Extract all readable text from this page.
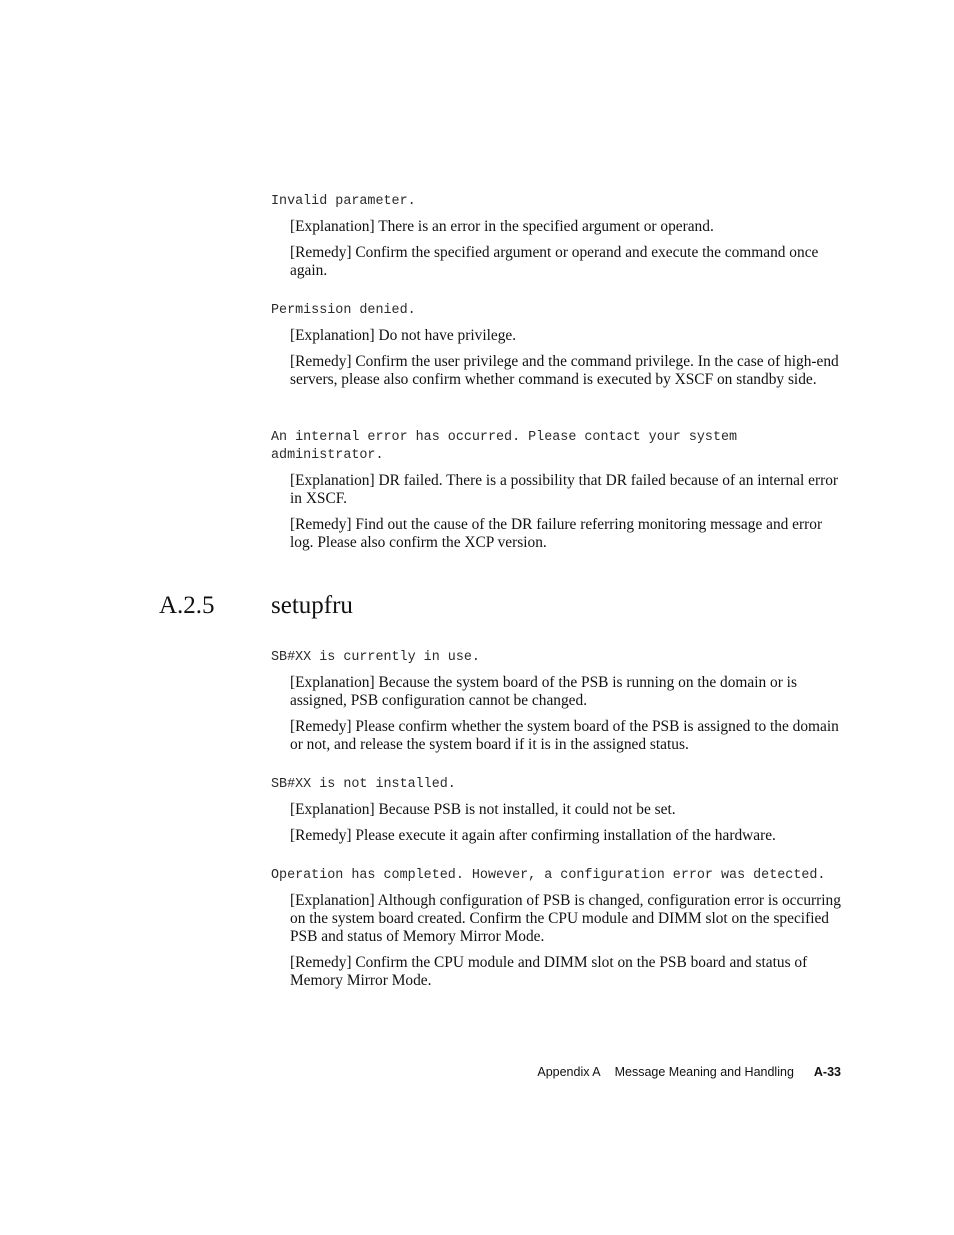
Invalid parameter.

[Explanation] There is an error in the specified argument or operand.

[Remedy] Confirm the specified argument or operand and execute the command once again.

Permission denied.

[Explanation] Do not have privilege.

[Remedy] Confirm the user privilege and the command privilege. In the case of high-end servers, please also confirm whether command is executed by XSCF on standby side.

An internal error has occurred. Please contact your system administrator.

[Explanation] DR failed. There is a possibility that DR failed because of an internal error in XSCF.

[Remedy] Find out the cause of the DR failure referring monitoring message and error log. Please also confirm the XCP version.

A.2.5 setupfru

SB#XX is currently in use.

[Explanation] Because the system board of the PSB is running on the domain or is assigned, PSB configuration cannot be changed.

[Remedy] Please confirm whether the system board of the PSB is assigned to the domain or not, and release the system board if it is in the assigned status.

SB#XX is not installed.

[Explanation] Because PSB is not installed, it could not be set.

[Remedy] Please execute it again after confirming installation of the hardware.

Operation has completed. However, a configuration error was detected.

[Explanation] Although configuration of PSB is changed, configuration error is occurring on the system board created. Confirm the CPU module and DIMM slot on the specified PSB and status of Memory Mirror Mode.

[Remedy] Confirm the CPU module and DIMM slot on the PSB board and status of Memory Mirror Mode.

Appendix A Message Meaning and Handling A-33
